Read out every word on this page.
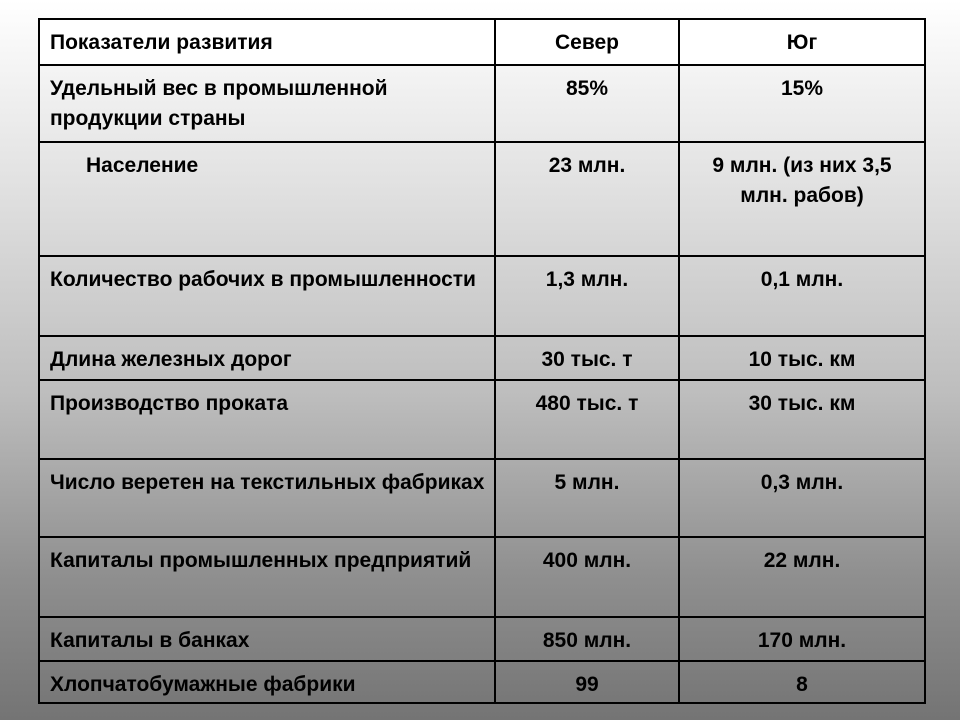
Показатели развития	Север	Юг
Удельный вес в промышленной продукции страны	85%	15%
Население	23 млн.	9 млн. (из них 3,5 млн. рабов)
Количество рабочих в промышленности	1,3 млн.	0,1 млн.
Длина железных дорог	30 тыс. т	10 тыс. км
Производство проката	480 тыс. т	30 тыс. км
Число веретен на текстильных фабриках	5 млн.	0,3 млн.
Капиталы промышленных предприятий	400 млн.	22 млн.
Капиталы в банках	850 млн.	170 млн.
Хлопчатобумажные фабрики	99	8
